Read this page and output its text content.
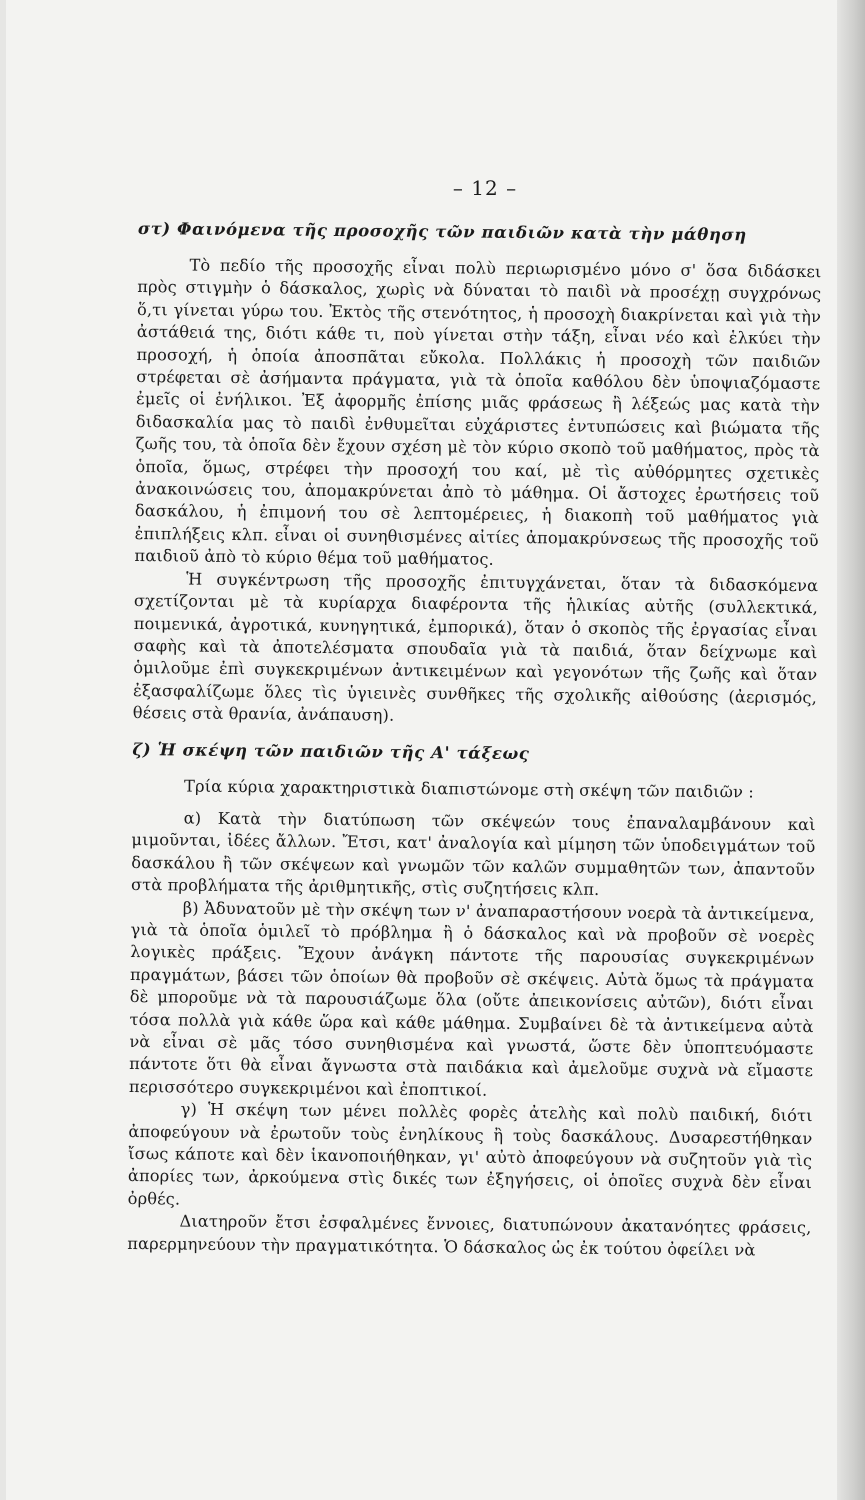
– 12 –
στ) Φαινόμενα τῆς προσοχῆς τῶν παιδιῶν κατὰ τὴν μάθηση

Τὸ πεδίο τῆς προσοχῆς εἶναι πολὺ περιωρισμένο μόνο σ' ὅσα διδάσκει πρὸς στιγμὴν ὁ δάσκαλος, χωρὶς νὰ δύναται τὸ παιδὶ νὰ προσέχῃ συγχρόνως ὅ,τι γίνεται γύρω του. Ἐκτὸς τῆς στενότητος, ἡ προσοχὴ διακρίνεται καὶ γιὰ τὴν ἀστάθειά της, διότι κάθε τι, ποὺ γίνεται στὴν τάξη, εἶναι νέο καὶ ἑλκύει τὴν προσοχή, ἡ ὁποία ἀποσπᾶται εὔκολα. Πολλάκις ἡ προσοχὴ τῶν παιδιῶν στρέφεται σὲ ἀσήμαντα πράγματα, γιὰ τὰ ὁποῖα καθόλου δὲν ὑποψιαζόμαστε ἐμεῖς οἱ ἐνήλικοι. Ἐξ ἀφορμῆς ἐπίσης μιᾶς φράσεως ἢ λέξεώς μας κατὰ τὴν διδασκαλία μας τὸ παιδὶ ἐνθυμεῖται εὐχάριστες ἐντυπώσεις καὶ βιώματα τῆς ζωῆς του, τὰ ὁποῖα δὲν ἔχουν σχέση μὲ τὸν κύριο σκοπὸ τοῦ μαθήματος, πρὸς τὰ ὁποῖα, ὅμως, στρέφει τὴν προσοχή του καί, μὲ τὶς αὐθόρμητες σχετικὲς ἀνακοινώσεις του, ἀπομακρύνεται ἀπὸ τὸ μάθημα. Οἱ ἄστοχες ἐρωτήσεις τοῦ δασκάλου, ἡ ἐπιμονή του σὲ λεπτομέρειες, ἡ διακοπὴ τοῦ μαθήματος γιὰ ἐπιπλήξεις κλπ. εἶναι οἱ συνηθισμένες αἰτίες ἀπομακρύνσεως τῆς προσοχῆς τοῦ παιδιοῦ ἀπὸ τὸ κύριο θέμα τοῦ μαθήματος.

Ἡ συγκέντρωση τῆς προσοχῆς ἐπιτυγχάνεται, ὅταν τὰ διδασκόμενα σχετίζονται μὲ τὰ κυρίαρχα διαφέροντα τῆς ἡλικίας αὐτῆς (συλλεκτικά, ποιμενικά, ἀγροτικά, κυνηγητικά, ἐμπορικά), ὅταν ὁ σκοπὸς τῆς ἐργασίας εἶναι σαφὴς καὶ τὰ ἀποτελέσματα σπουδαῖα γιὰ τὰ παιδιά, ὅταν δείχνωμε καὶ ὁμιλοῦμε ἐπὶ συγκεκριμένων ἀντικειμένων καὶ γεγονότων τῆς ζωῆς καὶ ὅταν ἐξασφαλίζωμε ὅλες τὶς ὑγιεινὲς συνθῆκες τῆς σχολικῆς αἰθούσης (ἀερισμός, θέσεις στὰ θρανία, ἀνάπαυση).

ζ) Ἡ σκέψη τῶν παιδιῶν τῆς Α' τάξεως

Τρία κύρια χαρακτηριστικὰ διαπιστώνομε στὴ σκέψη τῶν παιδιῶν :

α) Κατὰ τὴν διατύπωση τῶν σκέψεών τους ἐπαναλαμβάνουν καὶ μιμοῦνται, ἰδέες ἄλλων. Ἔτσι, κατ' ἀναλογία καὶ μίμηση τῶν ὑποδειγμάτων τοῦ δασκάλου ἢ τῶν σκέψεων καὶ γνωμῶν τῶν καλῶν συμμαθητῶν των, ἀπαντοῦν στὰ προβλήματα τῆς ἀριθμητικῆς, στὶς συζητήσεις κλπ.

β) Ἀδυνατοῦν μὲ τὴν σκέψη των ν' ἀναπαραστήσουν νοερὰ τὰ ἀντικείμενα, γιὰ τὰ ὁποῖα ὁμιλεῖ τὸ πρόβλημα ἢ ὁ δάσκαλος καὶ νὰ προβοῦν σὲ νοερὲς λογικὲς πράξεις. Ἔχουν ἀνάγκη πάντοτε τῆς παρουσίας συγκεκριμένων πραγμάτων, βάσει τῶν ὁποίων θὰ προβοῦν σὲ σκέψεις. Αὐτὰ ὅμως τὰ πράγματα δὲ μποροῦμε νὰ τὰ παρουσιάζωμε ὅλα (οὔτε ἀπεικονίσεις αὐτῶν), διότι εἶναι τόσα πολλὰ γιὰ κάθε ὥρα καὶ κάθε μάθημα. Συμβαίνει δὲ τὰ ἀντικείμενα αὐτὰ νὰ εἶναι σὲ μᾶς τόσο συνηθισμένα καὶ γνωστά, ὥστε δὲν ὑποπτευόμαστε πάντοτε ὅτι θὰ εἶναι ἄγνωστα στὰ παιδάκια καὶ ἀμελοῦμε συχνὰ νὰ εἴμαστε περισσότερο συγκεκριμένοι καὶ ἐποπτικοί.

γ) Ἡ σκέψη των μένει πολλὲς φορὲς ἀτελὴς καὶ πολὺ παιδική, διότι ἀποφεύγουν νὰ ἐρωτοῦν τοὺς ἐνηλίκους ἢ τοὺς δασκάλους. Δυσαρεστήθηκαν ἴσως κάποτε καὶ δὲν ἱκανοποιήθηκαν, γι' αὐτὸ ἀποφεύγουν νὰ συζητοῦν γιὰ τὶς ἀπορίες των, ἀρκούμενα στὶς δικές των ἐξηγήσεις, οἱ ὁποῖες συχνὰ δὲν εἶναι ὀρθές.

Διατηροῦν ἔτσι ἐσφαλμένες ἔννοιες, διατυπώνουν ἀκατανόητες φράσεις, παρερμηνεύουν τὴν πραγματικότητα. Ὁ δάσκαλος ὡς ἐκ τούτου ὀφείλει νὰ
